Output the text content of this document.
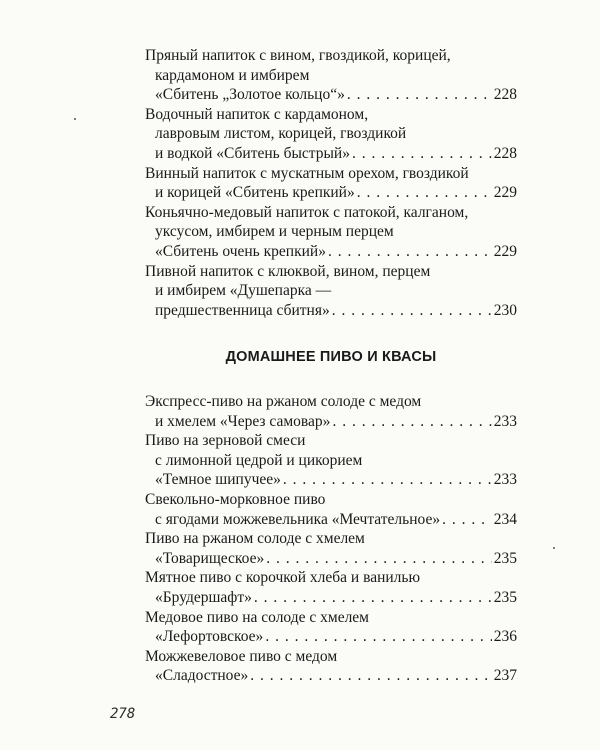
Пряный напиток с вином, гвоздикой, корицей,
кардамоном и имбирем
«Сбитень „Золотое кольцо“» . . .	228
Водочный напиток с кардамоном,
лавровым листом, корицей, гвоздикой
и водкой «Сбитень быстрый» . . .	228
Винный напиток с мускатным орехом, гвоздикой
и корицей «Сбитень крепкий» . . .	229
Коньячно-медовый напиток с патокой, калганом,
уксусом, имбирем и черным перцем
«Сбитень очень крепкий» . . .	229
Пивной напиток с клюквой, вином, перцем
и имбирем «Душепарка —
предшественница сбитня» . . .	230
ДОМАШНЕЕ ПИВО И КВАСЫ
Экспресс-пиво на ржаном солоде с медом
и хмелем «Через самовар» . . .	233
Пиво на зерновой смеси
с лимонной цедрой и цикорием
«Темное шипучее» . . .	233
Свекольно-морковное пиво
с ягодами можжевельника «Мечтательное» . . .	234
Пиво на ржаном солоде с хмелем
«Товарищеское» . . .	235
Мятное пиво с корочкой хлеба и ванилью
«Брудершафт» . . .	235
Медовое пиво на солоде с хмелем
«Лефортовское» . . .	236
Можжевеловое пиво с медом
«Сладостное» . . .	237
278
